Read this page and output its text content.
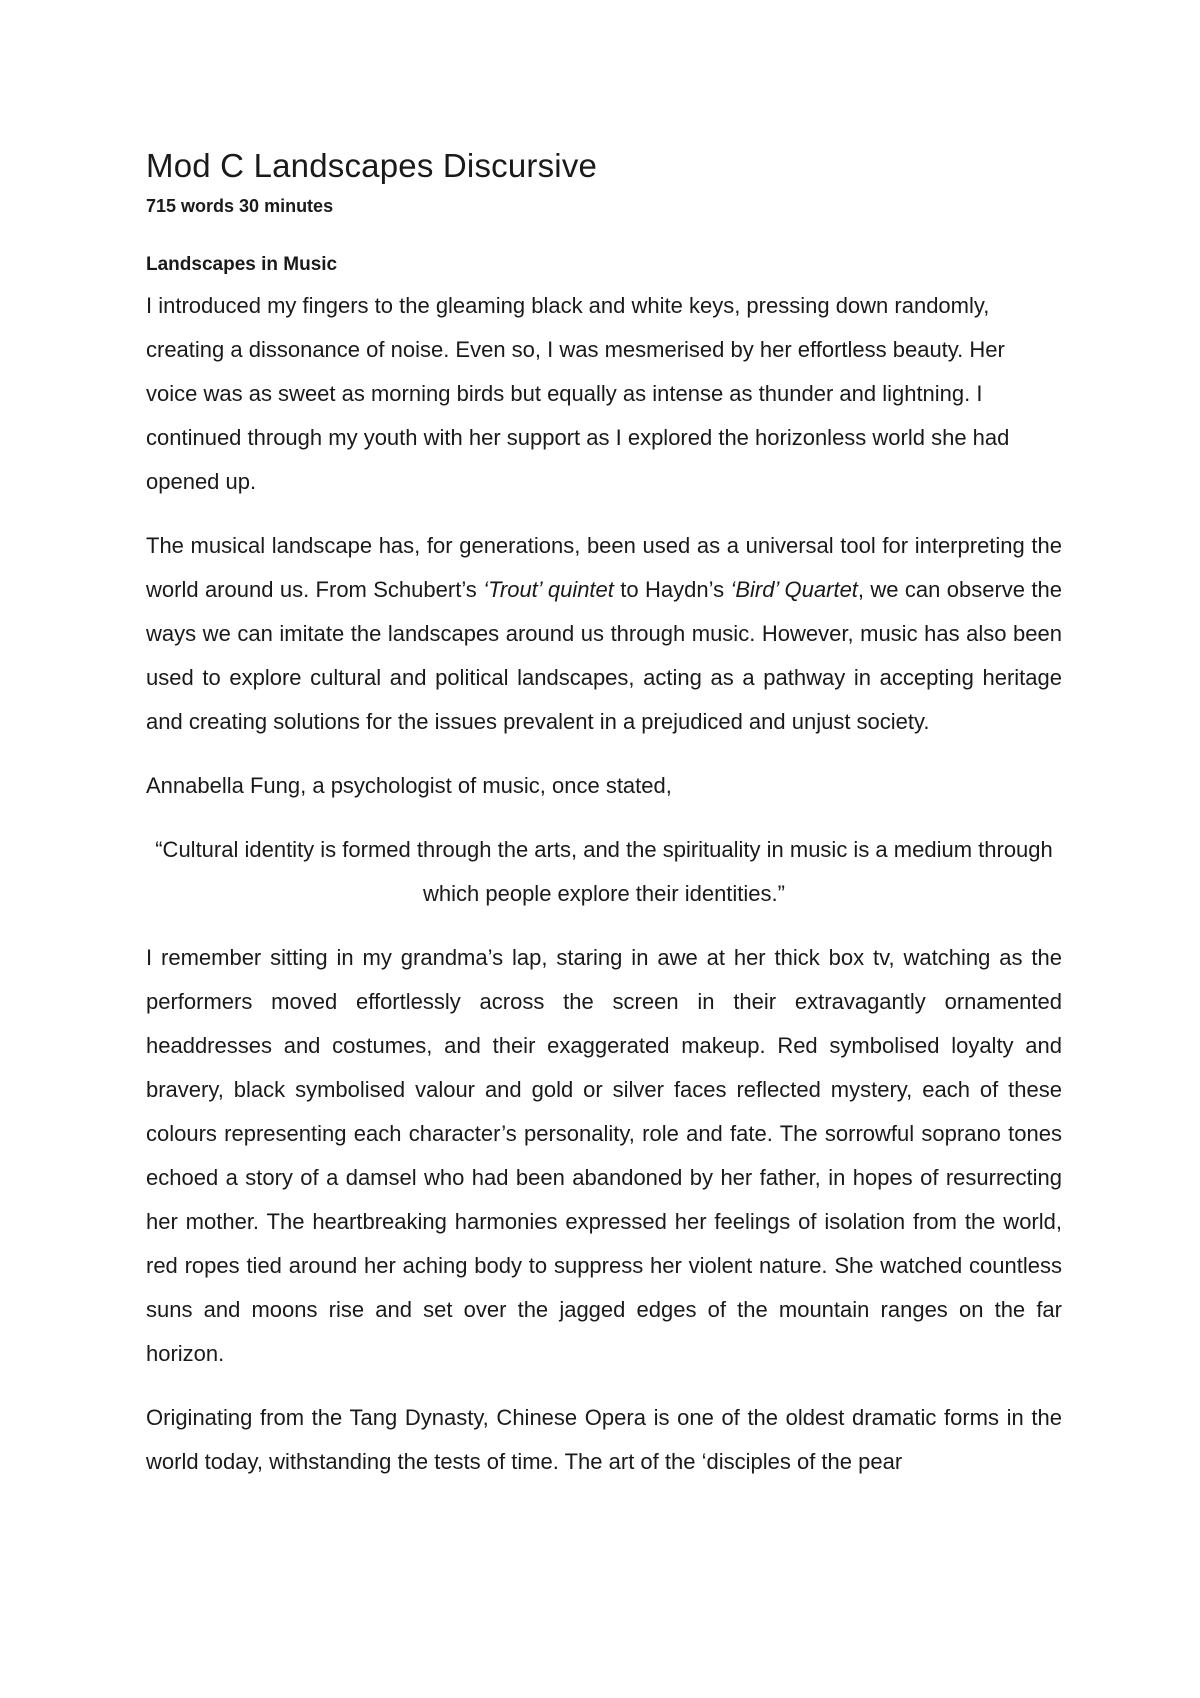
Mod C Landscapes Discursive
715 words 30 minutes
Landscapes in Music

I introduced my fingers to the gleaming black and white keys, pressing down randomly, creating a dissonance of noise. Even so, I was mesmerised by her effortless beauty. Her voice was as sweet as morning birds but equally as intense as thunder and lightning. I continued through my youth with her support as I explored the horizonless world she had opened up.

The musical landscape has, for generations, been used as a universal tool for interpreting the world around us. From Schubert’s ‘Trout’ quintet to Haydn’s ‘Bird’ Quartet, we can observe the ways we can imitate the landscapes around us through music. However, music has also been used to explore cultural and political landscapes, acting as a pathway in accepting heritage and creating solutions for the issues prevalent in a prejudiced and unjust society.

Annabella Fung, a psychologist of music, once stated,

“Cultural identity is formed through the arts, and the spirituality in music is a medium through which people explore their identities.”

I remember sitting in my grandma’s lap, staring in awe at her thick box tv, watching as the performers moved effortlessly across the screen in their extravagantly ornamented headdresses and costumes, and their exaggerated makeup. Red symbolised loyalty and bravery, black symbolised valour and gold or silver faces reflected mystery, each of these colours representing each character’s personality, role and fate. The sorrowful soprano tones echoed a story of a damsel who had been abandoned by her father, in hopes of resurrecting her mother. The heartbreaking harmonies expressed her feelings of isolation from the world, red ropes tied around her aching body to suppress her violent nature. She watched countless suns and moons rise and set over the jagged edges of the mountain ranges on the far horizon.

Originating from the Tang Dynasty, Chinese Opera is one of the oldest dramatic forms in the world today, withstanding the tests of time. The art of the ‘disciples of the pear
